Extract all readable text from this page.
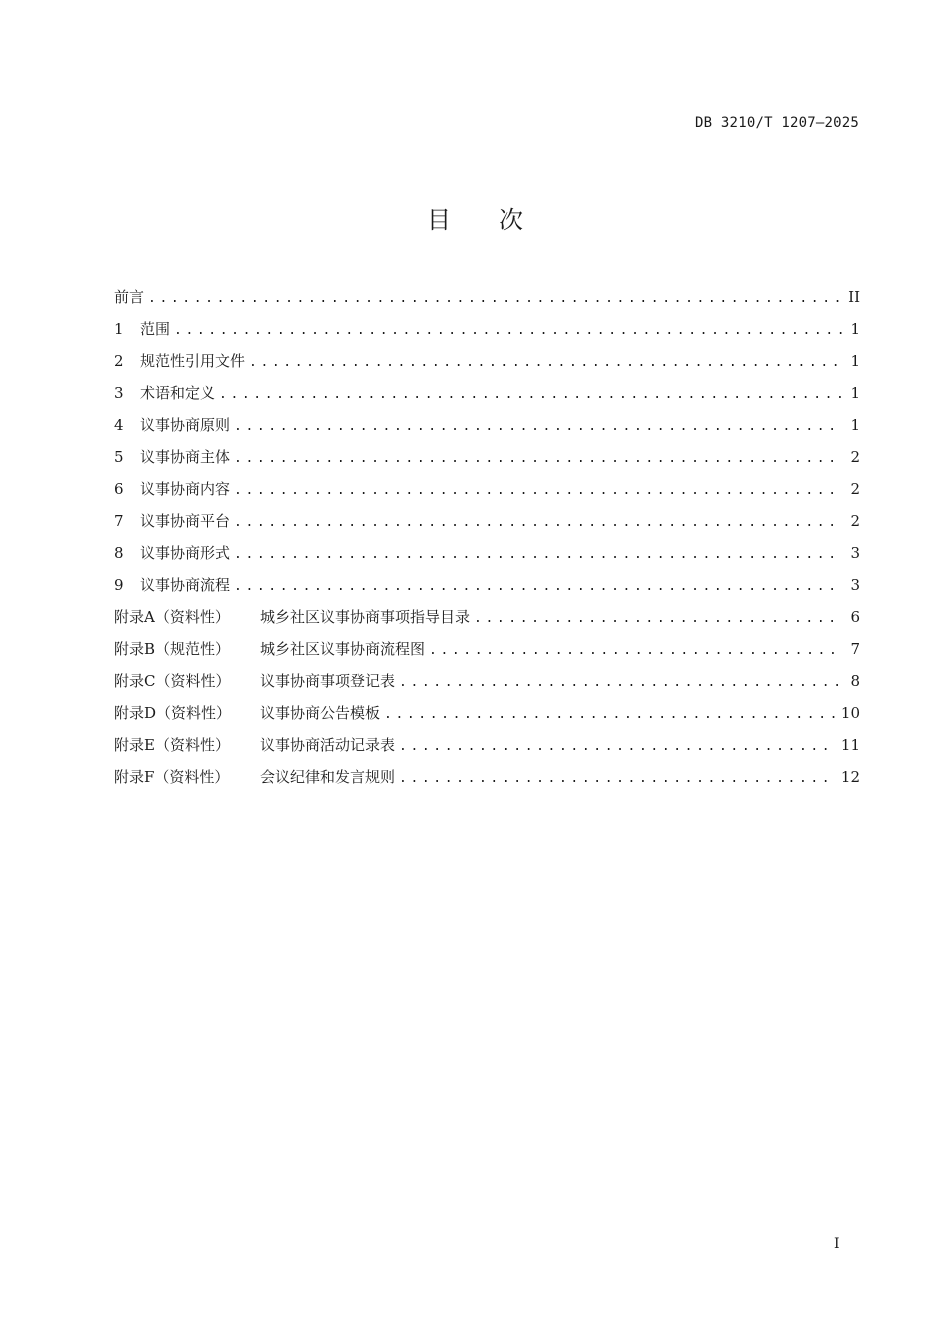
DB 3210/T 1207—2025
目次
前言 .....	II
1	范围 .....	1
2	规范性引用文件 .....	1
3	术语和定义 .....	1
4	议事协商原则 .....	1
5	议事协商主体 .....	2
6	议事协商内容 .....	2
7	议事协商平台 .....	2
8	议事协商形式 .....	3
9	议事协商流程 .....	3
附录A（资料性）	城乡社区议事协商事项指导目录 .....	6
附录B（规范性）	城乡社区议事协商流程图 .....	7
附录C（资料性）	议事协商事项登记表 .....	8
附录D（资料性）	议事协商公告模板 .....	10
附录E（资料性）	议事协商活动记录表 .....	11
附录F（资料性）	会议纪律和发言规则 .....	12
I
